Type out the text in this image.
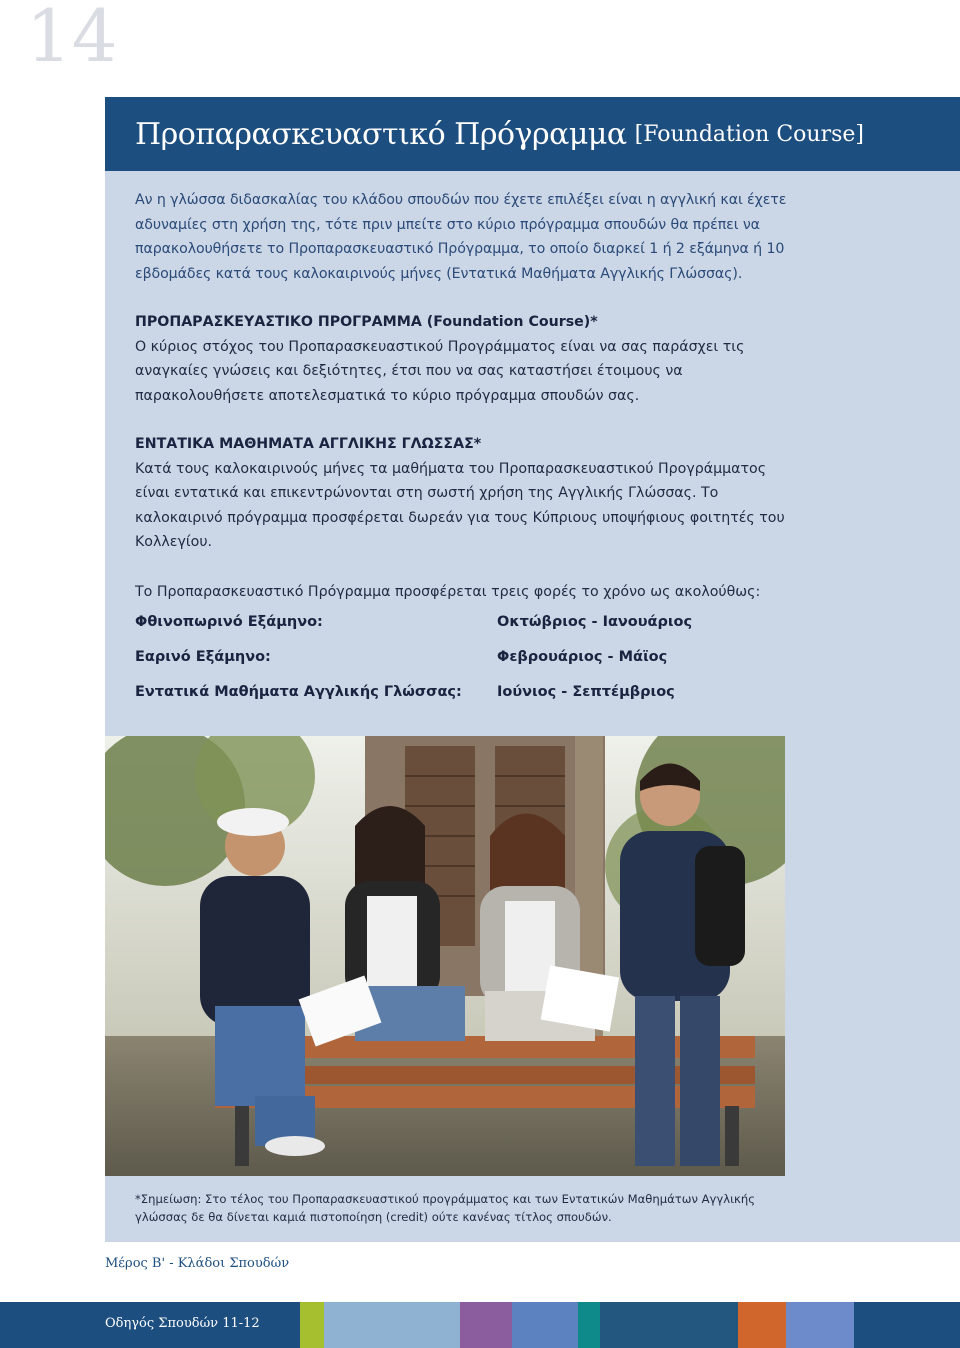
14
Προπαρασκευαστικό Πρόγραμμα [Foundation Course]

Αν η γλώσσα διδασκαλίας του κλάδου σπουδών που έχετε επιλέξει είναι η αγγλική και έχετε αδυναμίες στη χρήση της, τότε πριν μπείτε στο κύριο πρόγραμμα σπουδών θα πρέπει να παρακολουθήσετε το Προπαρασκευαστικό Πρόγραμμα, το οποίο διαρκεί 1 ή 2 εξάμηνα ή 10 εβδομάδες κατά τους καλοκαιρινούς μήνες (Εντατικά Μαθήματα Αγγλικής Γλώσσας).

ΠΡΟΠΑΡΑΣΚΕΥΑΣΤΙΚΟ ΠΡΟΓΡΑΜΜΑ (Foundation Course)*

Ο κύριος στόχος του Προπαρασκευαστικού Προγράμματος είναι να σας παράσχει τις αναγκαίες γνώσεις και δεξιότητες, έτσι που να σας καταστήσει έτοιμους να παρακολουθήσετε αποτελεσματικά το κύριο πρόγραμμα σπουδών σας.

ΕΝΤΑΤΙΚΑ ΜΑΘΗΜΑΤΑ ΑΓΓΛΙΚΗΣ ΓΛΩΣΣΑΣ*

Κατά τους καλοκαιρινούς μήνες τα μαθήματα του Προπαρασκευαστικού Προγράμματος είναι εντατικά και επικεντρώνονται στη σωστή χρήση της Αγγλικής Γλώσσας. Το καλοκαιρινό πρόγραμμα προσφέρεται δωρεάν για τους Κύπριους υποψήφιους φοιτητές του Κολλεγίου.

Το Προπαρασκευαστικό Πρόγραμμα προσφέρεται τρεις φορές το χρόνο ως ακολούθως:

Φθινοπωρινό Εξάμηνο:	Οκτώβριος - Ιανουάριος
Εαρινό Εξάμηνο:	Φεβρουάριος - Μάϊος
Εντατικά Μαθήματα Αγγλικής Γλώσσας:	Ιούνιος - Σεπτέμβριος

*Σημείωση: Στο τέλος του Προπαρασκευαστικού προγράμματος και των Εντατικών Μαθημάτων Αγγλικής γλώσσας δε θα δίνεται καμιά πιστοποίηση (credit) ούτε κανένας τίτλος σπουδών.

Μέρος Β' - Κλάδοι Σπουδών
Οδηγός Σπουδών 11-12
